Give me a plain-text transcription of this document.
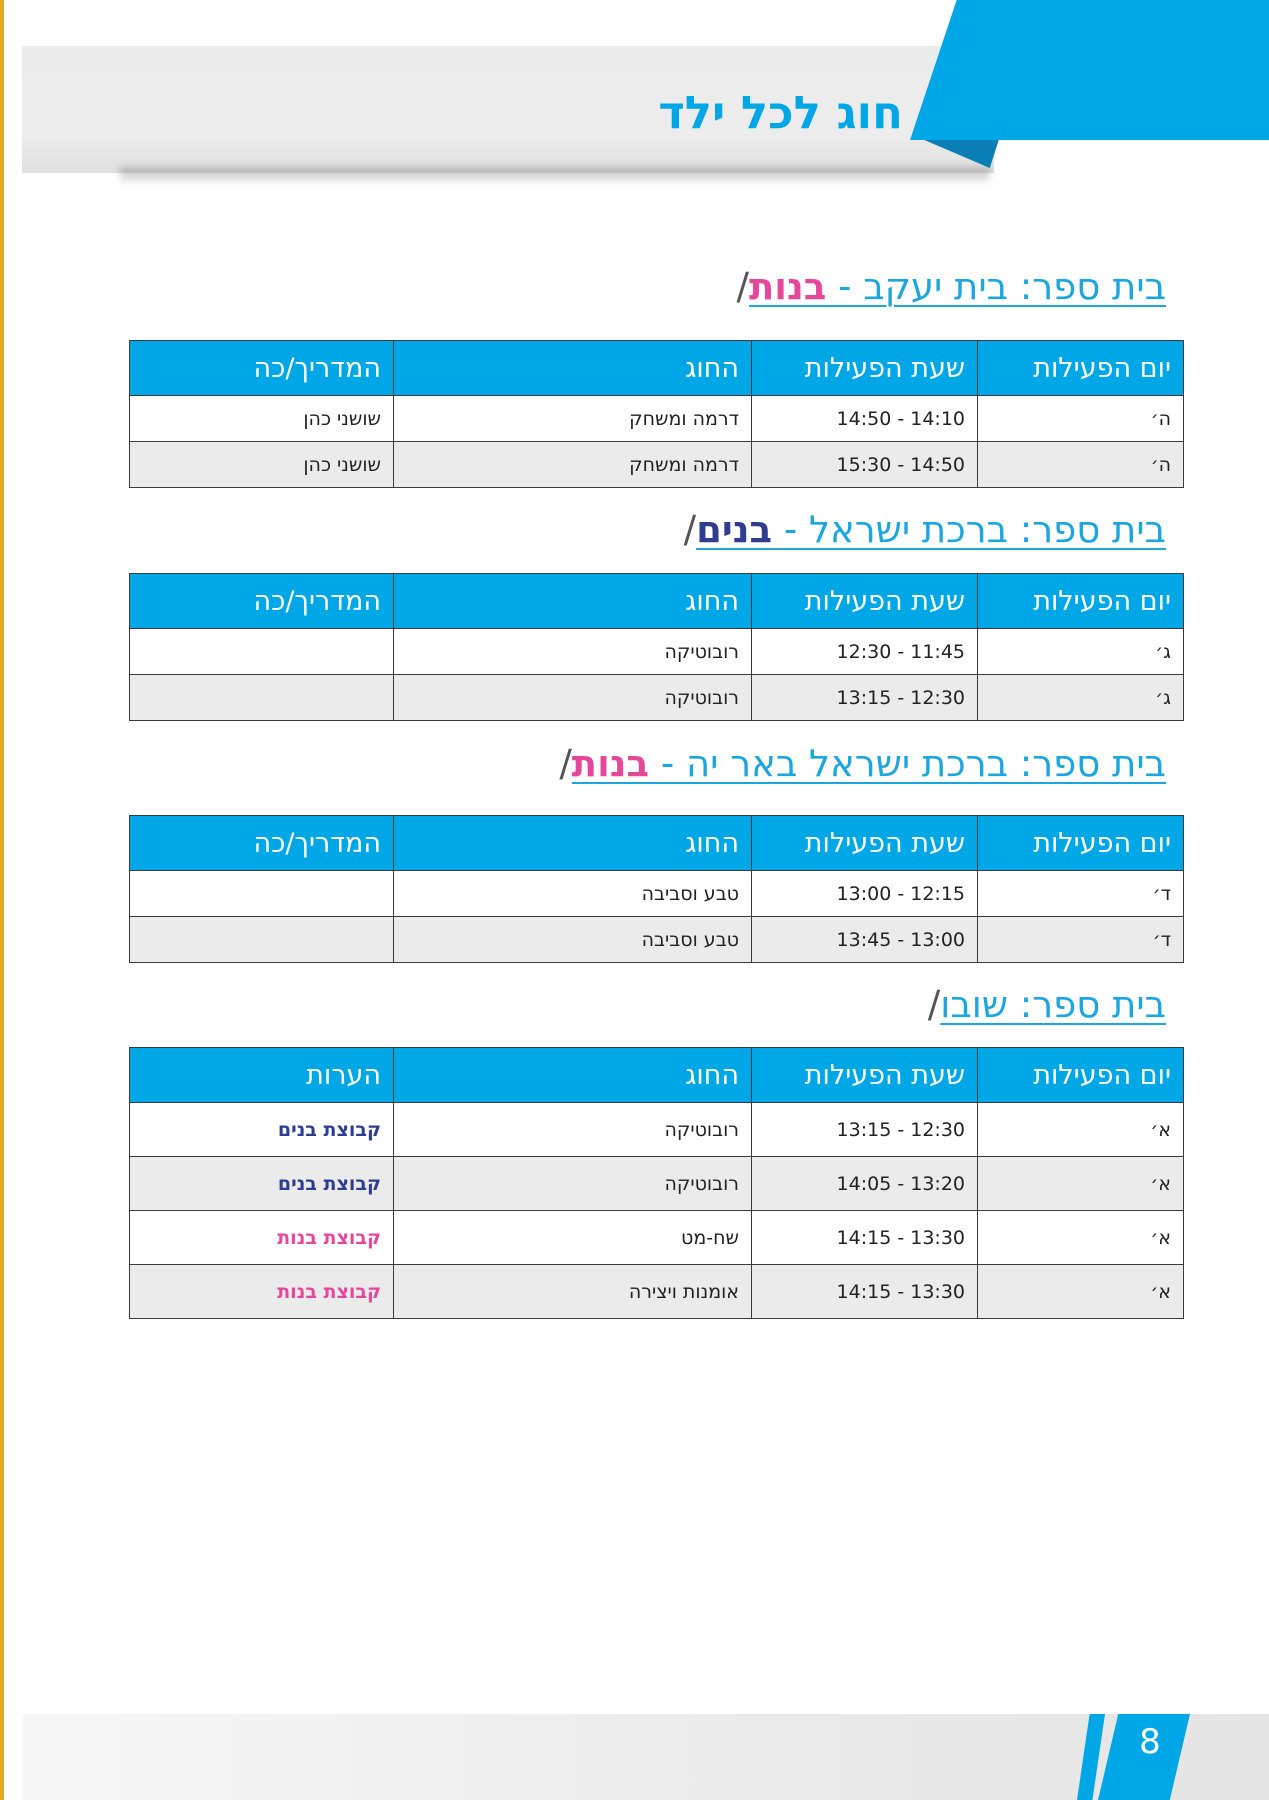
חוג לכל ילד
בית ספר: בית יעקב - בנות/
יום הפעילות	שעת הפעילות	החוג	המדריך/כה
ה׳	14:10 - 14:50	דרמה ומשחק	שושני כהן
ה׳	14:50 - 15:30	דרמה ומשחק	שושני כהן
בית ספר: ברכת ישראל - בנים/
יום הפעילות	שעת הפעילות	החוג	המדריך/כה
ג׳	11:45 - 12:30	רובוטיקה	
ג׳	12:30 - 13:15	רובוטיקה	
בית ספר: ברכת ישראל באר יה - בנות/
יום הפעילות	שעת הפעילות	החוג	המדריך/כה
ד׳	12:15 - 13:00	טבע וסביבה	
ד׳	13:00 - 13:45	טבע וסביבה	
בית ספר: שובו/
יום הפעילות	שעת הפעילות	החוג	הערות
א׳	12:30 - 13:15	רובוטיקה	קבוצת בנים
א׳	13:20 - 14:05	רובוטיקה	קבוצת בנים
א׳	13:30 - 14:15	שח-מט	קבוצת בנות
א׳	13:30 - 14:15	אומנות ויצירה	קבוצת בנות
8
